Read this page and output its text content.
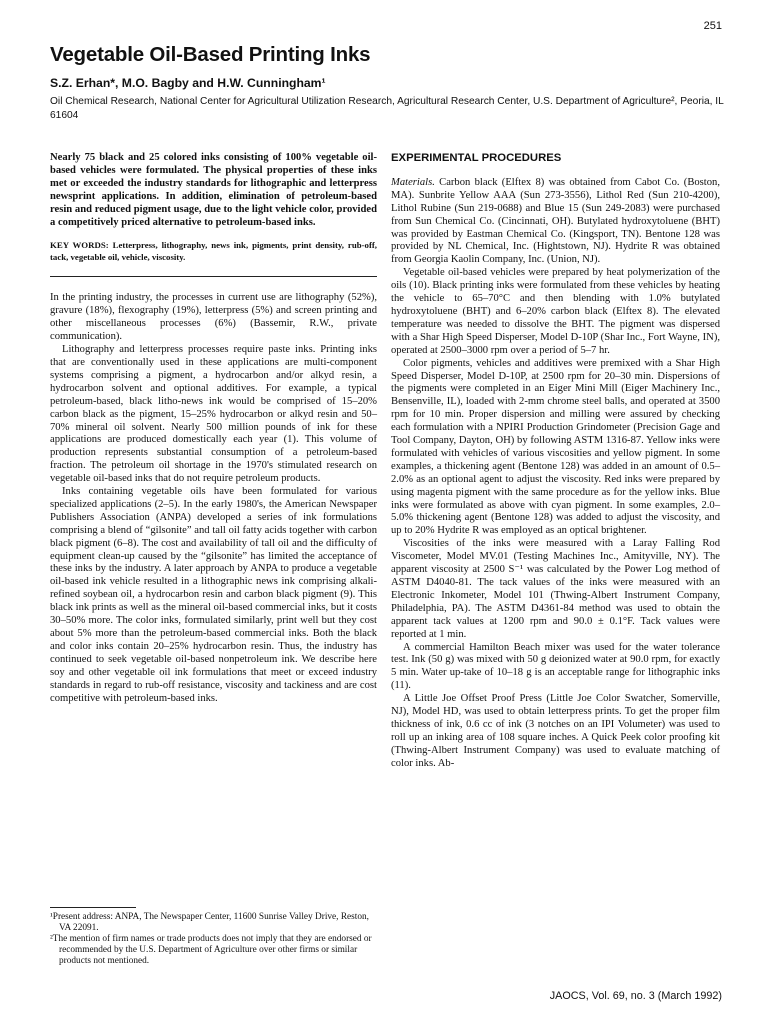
251
Vegetable Oil-Based Printing Inks
S.Z. Erhan*, M.O. Bagby and H.W. Cunningham¹
Oil Chemical Research, National Center for Agricultural Utilization Research, Agricultural Research Center, U.S. Department of Agriculture², Peoria, IL 61604

Nearly 75 black and 25 colored inks consisting of 100% vegetable oil-based vehicles were formulated. The physical properties of these inks met or exceeded the industry standards for lithographic and letterpress newsprint applications. In addition, elimination of petroleum-based resin and reduced pigment usage, due to the light vehicle color, provided a competitively priced alternative to petroleum-based inks.

KEY WORDS: Letterpress, lithography, news ink, pigments, print density, rub-off, tack, vegetable oil, vehicle, viscosity.

In the printing industry, the processes in current use are lithography (52%), gravure (18%), flexography (19%), letterpress (5%) and screen printing and other miscellaneous processes (6%) (Bassemir, R.W., private communication).

Lithography and letterpress processes require paste inks. Printing inks that are conventionally used in these applications are multi-component systems comprising a pigment, a hydrocarbon and/or alkyd resin, a hydrocarbon solvent and optional additives. For example, a typical petroleum-based, black litho-news ink would be comprised of 15–20% carbon black as the pigment, 15–25% hydrocarbon or alkyd resin and 50–70% mineral oil solvent. Nearly 500 million pounds of ink for these applications are produced domestically each year (1). This volume of production represents substantial consumption of a petroleum-based fraction. The petroleum oil shortage in the 1970's stimulated research on vegetable oil-based inks that do not require petroleum products.

Inks containing vegetable oils have been formulated for various specialized applications (2–5). In the early 1980's, the American Newspaper Publishers Association (ANPA) developed a series of ink formulations comprising a blend of “gilsonite” and tall oil fatty acids together with carbon black pigment (6–8). The cost and availability of tall oil and the difficulty of equipment clean-up caused by the “gilsonite” has limited the acceptance of these inks by the industry. A later approach by ANPA to produce a vegetable oil-based ink vehicle resulted in a lithographic news ink comprising alkali-refined soybean oil, a hydrocarbon resin and carbon black pigment (9). This black ink prints as well as the mineral oil-based commercial inks, but it costs 30–50% more. The color inks, formulated similarly, print well but they cost about 5% more than the petroleum-based commercial inks. Both the black and color inks contain 20–25% hydrocarbon resin. Thus, the industry has continued to seek vegetable oil-based nonpetroleum ink. We describe here soy and other vegetable oil ink formulations that meet or exceed industry standards in regard to rub-off resistance, viscosity and tackiness and are cost competitive with petroleum-based inks.

¹Present address: ANPA, The Newspaper Center, 11600 Sunrise Valley Drive, Reston, VA 22091.

²The mention of firm names or trade products does not imply that they are endorsed or recommended by the U.S. Department of Agriculture over other firms or similar products not mentioned.

EXPERIMENTAL PROCEDURES

Materials. Carbon black (Elftex 8) was obtained from Cabot Co. (Boston, MA). Sunbrite Yellow AAA (Sun 273-3556), Lithol Red (Sun 210-4200), Lithol Rubine (Sun 219-0688) and Blue 15 (Sun 249-2083) were purchased from Sun Chemical Co. (Cincinnati, OH). Butylated hydroxytoluene (BHT) was provided by Eastman Chemical Co. (Kingsport, TN). Bentone 128 was provided by NL Chemical, Inc. (Hightstown, NJ). Hydrite R was obtained from Georgia Kaolin Company, Inc. (Union, NJ).

Vegetable oil-based vehicles were prepared by heat polymerization of the oils (10). Black printing inks were formulated from these vehicles by heating the vehicle to 65–70°C and then blending with 1.0% butylated hydroxytoluene (BHT) and 6–20% carbon black (Elftex 8). The elevated temperature was needed to dissolve the BHT. The pigment was dispersed with a Shar High Speed Disperser, Model D-10P (Shar Inc., Fort Wayne, IN), operated at 2500–3000 rpm over a period of 5–7 hr.

Color pigments, vehicles and additives were premixed with a Shar High Speed Disperser, Model D-10P, at 2500 rpm for 20–30 min. Dispersions of the pigments were completed in an Eiger Mini Mill (Eiger Machinery Inc., Bensenville, IL), loaded with 2-mm chrome steel balls, and operated at 3500 rpm for 10 min. Proper dispersion and milling were assured by checking each formulation with a NPIRI Production Grindometer (Precision Gage and Tool Company, Dayton, OH) by following ASTM 1316-87. Yellow inks were formulated with vehicles of various viscosities and yellow pigment. In some examples, a thickening agent (Bentone 128) was added in an amount of 0.5–2.0% as an optional agent to adjust the viscosity. Red inks were prepared by using magenta pigment with the same procedure as for the yellow inks. Blue inks were formulated as above with cyan pigment. In some examples, 2.0–5.0% thickening agent (Bentone 128) was added to adjust the viscosity, and up to 20% Hydrite R was employed as an optical brightener.

Viscosities of the inks were measured with a Laray Falling Rod Viscometer, Model MV.01 (Testing Machines Inc., Amityville, NY). The apparent viscosity at 2500 S⁻¹ was calculated by the Power Log method of ASTM D4040-81. The tack values of the inks were measured with an Electronic Inkometer, Model 101 (Thwing-Albert Instrument Company, Philadelphia, PA). The ASTM D4361-84 method was used to obtain the apparent tack values at 1200 rpm and 90.0 ± 0.1°F. Tack values were reported at 1 min.

A commercial Hamilton Beach mixer was used for the water tolerance test. Ink (50 g) was mixed with 50 g deionized water at 90.0 rpm, for exactly 5 min. Water up-take of 10–18 g is an acceptable range for lithographic inks (11).

A Little Joe Offset Proof Press (Little Joe Color Swatcher, Somerville, NJ), Model HD, was used to obtain letterpress prints. To get the proper film thickness of ink, 0.6 cc of ink (3 notches on an IPI Volumeter) was used to roll up an inking area of 108 square inches. A Quick Peek color proofing kit (Thwing-Albert Instrument Company) was used to evaluate matching of color inks. Ab-

JAOCS, Vol. 69, no. 3 (March 1992)
